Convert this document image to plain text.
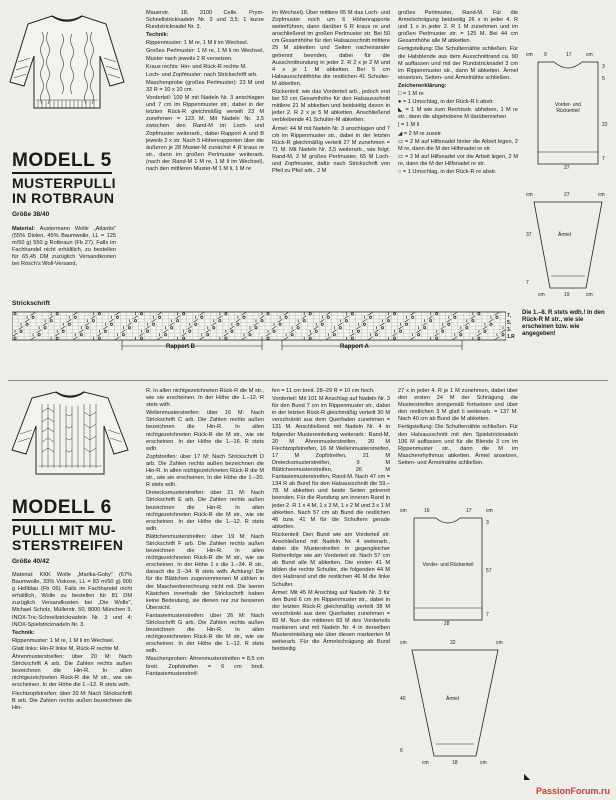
MODELL 5
MUSTERPULLI
IN ROTBRAUN
Größe 38/40

Material: Austermann Wolle „Atlantis" (55% Diolen, 45% Baumwolle, LL = 125 m/50 g) 550 g Rotbraun (Fb 27). Falls im Fachhandel nicht erhältlich, zu bestellen für 65,45 DM zuzüglich Versandkosten bei Rösch's Woll-Versand,

Mauerstr. 18, 3100 Celle. Prym-Schnellstricknadeln Nr. 3 und 3,5; 1 kurze Rundstricknadel Nr. 3.

Technik:

Rippenmuster: 1 M re, 1 M li im Wechsel.

Großes Perlmuster: 1 M re, 1 M li im Wechsel, Muster nach jeweils 2 R versetzen.

Kraus rechts: Hin- und Rück-R rechte M.

Loch- und Zopfmuster: nach Strickschrift arb.

Maschenprobe (großes Perlmuster): 23 M und 32 R = 10 x 10 cm.

Vorderteil: 100 M mit Nadeln Nr. 3 anschlagen und 7 cm im Rippenmuster str., dabei in der letzten Rück-R gleichmäßig verteilt 23 M zunehmen = 123 M. Mit Nadeln Nr. 3,5 zwischen den Rand-M im Loch- und Zopfmuster weiterarb., dabei Rapport A und B jeweils 2 x str. Nach 5 Höhenrapporten über die äußeren je 28 Muster-M zunächst 4 R kraus re str., dann im großen Perlmuster weiterarb. (nach der Rand-M 1 M re, 1 M li im Wechsel), nach den mittleren Muster-M 1 M li, 1 M re

im Wechsel). Über mittlere 65 M das Loch- und Zopfmuster noch um 6 Höhenrapporte weiterführen, dann darüber 6 R kraus re und anschließend im großen Perlmuster str. Bei 50 cm Gesamthöhe für den Halsausschnitt mittlere 25 M abketten und Seiten nacheinander getrennt beenden, dabei für die Ausschnittrundung in jeder 2. R 2 x je 2 M und 4 x je 1 M abketten. Bei 5 cm Halsausschnitthöhe die restlichen 41 Schulter-M abketten.

Rückenteil: wie das Vorderteil arb., jedoch erst bei 53 cm Gesamthöhe für den Halsausschnitt mittlere 21 M abketten und beidseitig davon in jeder 2. R 2 x je 5 M abketten. Anschließend verbleibende 41 Schulter-M abketten.

Ärmel: 44 M mit Nadeln Nr. 3 anschlagen und 7 cm im Rippenmuster str., dabei in der letzten Rück-R gleichmäßig verteilt 27 M zunehmen = 71 M. Mit Nadeln Nr. 3,5 weiterarb., wie folgt: Rand-M, 2 M großes Perlmuster, 65 M Loch- und Zopfmuster, dafür nach Strickschrift von Pfeil zu Pfeil arb., 2 M

großes Perlmuster, Rand-M. Für die Armelschrägung beidseitig 26 x in jeder 4. R und 1 x in jeder 2. R 1 M zunehmen und im großen Perlmuster str. = 125 M. Bei 44 cm Gesamthöhe alle M abketten.

Fertigstellung: Die Schulternähte schließen. Für die Halsblende aus dem Ausschnittrand ca. 90 M auffassen und mit der Rundstricknadel 3 cm im Rippenmuster str., dann M abketten. Ärmel einsetzen, Seiten- und Ärmelnähte schließen.

Zeichenerklärung:

□ = 1 M re

● = 1 Umschlag, in der Rück-R li abstr.

◣ = 1 M wie zum Rechtsstr. abheben, 1 M re str., dann die abgehobene M darüberziehen

| = 1 M li

◢ = 2 M re zusstr.

▭ = 2 M auf Hilfsnadel hinter die Arbeit legen, 2 M re, dann die M der Hilfsnadel re str.

▭ = 2 M auf Hilfsnadel vor die Arbeit legen, 2 M re, dann die M der Hilfsnadel re str.

○ = 1 Umschlag, in der Rück-R re abstr.

cm 9	17	cm
3
5
22
7
Vorder- und Rückenteil
27
cm	27	cm
37
7
Ärmel
cm	19	cm
Strickschrift
Rapport B	Rapport A
7.
5.
3.
1.R
Die 1.–8. R stets wdh.! In den Rück-R M str., wie sie erscheinen bzw. wie angegeben!
MODELL 6
PULLI MIT MU-
STERSTREIFEN
Größe 40/42

Material: KKK Wolle „Marika-Goby" (67% Baumwolle, 33% Viskose, LL = 83 m/50 g) 900 g Hellblau (Fb 06). Falls im Fachhandel nicht erhältlich, Wolle zu bestellen für 81 DM zuzüglich Versandkosten bei „Die Wolle", Michael Scholz, Müllerstr. 50, 8000 München 5. INOX-Tric-Schnellstricknadeln Nr. 3 und 4; INOX-Spielstricknadeln Nr. 3.

Technik:

Rippenmuster: 1 M re, 1 M li im Wechsel.

Glatt links: Hin-R linke M, Rück-R rechte M.

Ährenmusterstreifen: über 20 M: Nach Strickschrift A arb. Die Zahlen rechts außen bezeichnen die Hin-R. In allen nichtgezeichneten Rück-R die M str., wie sie erscheinen. In der Höhe die 1.–12. R stets wdh.

Flechtzopfstreifen: über 20 M: Nach Strickschrift B arb. Die Zahlen rechts außen bezeichnen die Hin-

R. In allen nichtgezeichneten Rück-R die M str., wie sie erscheinen. In der Höhe die 1.–12. R stets wdh.

Wellenmusterstreifen: über 16 M: Nach Strickschrift C arb. Die Zahlen rechts außen bezeichnen die Hin-R. In allen nichtgezeichneten Rück-R die M str., wie sie erscheinen. In der Höhe die 1.–16. R stets wdh.

Zopfstreifen: über 17 M: Nach Strickschrift D arb. Die Zahlen rechts außen bezeichnen die Hin-R. In allen nichtgezeichneten Rück-R die M str., wie sie erscheinen. In der Höhe die 1.–20. R stets wdh.

Dreiecksmusterstreifen: über 21 M: Nach Strickschrift E arb. Die Zahlen rechts außen bezeichnen die Hin-R. In allen nichtgezeichneten Rück-R die M str., wie sie erscheinen. In der Höhe die 1.–12. R stets wdh.

Blättchenmusterstreifen: über 19 M: Nach Strickschrift F arb. Die Zahlen rechts außen bezeichnen die Hin-R. In allen nichtgezeichneten Rück-R die M str., wie sie erscheinen. In der Höhe 1 x die 1.–34. R str., danach die 3.–34. R stets wdh. Achtung! Die für die Blättchen zugenommenen M zählen in der Maschenberechnung nicht mit. Die leeren Kästchen innerhalb der Strickschrift haben keine Bedeutung, sie dienen nur zur besseren Übersicht.

Fantasiemusterstreifen: über 26 M: Nach Strickschrift G arb. Die Zahlen rechts außen bezeichnen die Hin-R. In allen nichtgezeichneten Rück-R die M str., wie sie erscheinen. In der Höhe die 1.–12. R stets wdh.

Maschenproben: Ährenmusterstreifen = 8,5 cm breit. Zopfstreifen = 6 cm breit. Fantasiemusterstreif-

fen = 11 cm breit. 28–29 R = 10 cm hoch.

Vorderteil: Mit 101 M Anschlag auf Nadeln Nr. 3 für den Bund 7 cm im Rippenmuster str., dabei in der letzten Rück-R gleichmäßig verteilt 30 M verschränkt aus dem Querfaden zunehmen = 131 M. Anschließend mit Nadeln Nr. 4 in folgender Mustereinteilung weiterarb.: Rand-M, 20 M Ährenmusterstreifen, 20 M Flechtzopfstreifen, 16 M Wellenmusterstreifen, 17 M Zopfstreifen, 21 M Dreiecksmusterstreifen, 9 M Blättchenmusterstreifen, 26 M Fantasiemusterstreifen, Rand-M. Nach 47 cm = 134 R ab Bund für den Halsausschnitt die 59.–78. M abketten und beide Seiten getrennt beenden. Für die Rundung am inneren Rand in jeder 2. R 1 x 4 M, 1 x 3 M, 1 x 2 M und 3 x 1 M abketten. Nach 57 cm ab Bund die restlichen 46 bzw. 41 M für die Schultern gerade abketten.

Rückenteil: Den Bund wie am Vorderteil str. Anschließend mit Nadeln Nr. 4 weiterarb., dabei die Musterstreifen in gegengleicher Reihenfolge wie am Vorderteil str. Nach 57 cm ab Bund alle M abketten. Die ersten 41 M bilden die rechte Schulter, die folgenden 44 M den Halsrand und die restlichen 46 M die linke Schulter.

Ärmel: Mit 45 M Anschlag auf Nadeln Nr. 3 für den Bund 6 cm im Rippenmuster str., dabei in der letzten Rück-R gleichmäßig verteilt 38 M verschränkt aus dem Querfaden zunehmen = 83 M. Nun die mittleren 83 M des Vorderteils markieren und mit Nadeln Nr. 4 in derselben Mustereinteilung wie über diesen markierten M weiterarb. Für die Ärmelschrägung ab Bund beidseitig

27 x in jeder 4. R je 1 M zunehmen, dabei über den ersten 24 M der Schrägung die Musterstreifen sinngemäß fortsetzen und über den restlichen 3 M glatt li weiterarb. = 137 M. Nach 40 cm ab Bund die M abketten.

Fertigstellung: Die Schulternähte schließen. Für den Halsausschnitt mit den Spielstricknadeln 106 M auffassen und für die Blende 3 cm im Rippenmuster str., dann die M im Maschenrhythmus abketten. Ärmel ansetzen, Seiten- und Ärmelnähte schließen.

cm	16	17	cm
3
57
7
Vorder- und Rückenteil
28
cm	32	cm
40
6
Ärmel
cm	18	cm
◣
PassionForum.ru
